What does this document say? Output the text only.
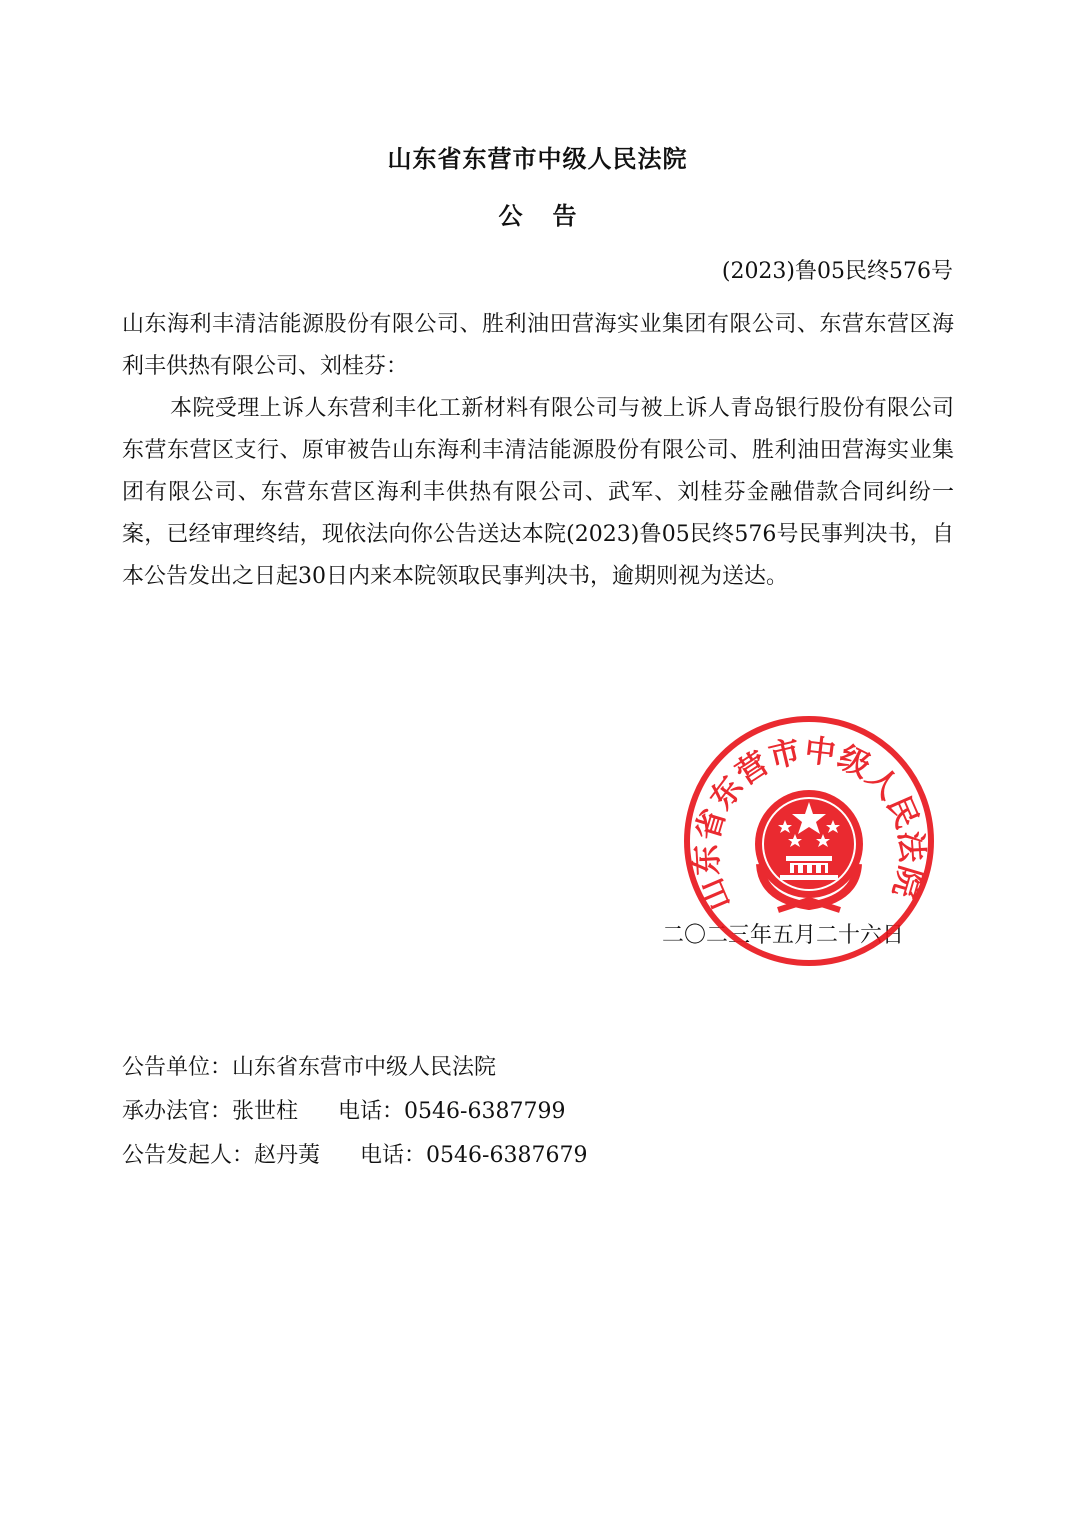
山东省东营市中级人民法院
公告
(2023)鲁05民终576号
山东海利丰清洁能源股份有限公司、胜利油田营海实业集团有限公司、东营东营区海利丰供热有限公司、刘桂芬：
本院受理上诉人东营利丰化工新材料有限公司与被上诉人青岛银行股份有限公司东营东营区支行、原审被告山东海利丰清洁能源股份有限公司、胜利油田营海实业集团有限公司、东营东营区海利丰供热有限公司、武军、刘桂芬金融借款合同纠纷一案，已经审理终结，现依法向你公告送达本院(2023)鲁05民终576号民事判决书，自本公告发出之日起30日内来本院领取民事判决书，逾期则视为送达。
二〇二三年五月二十六日
山东省东营市中级人民法院
公告单位：山东省东营市中级人民法院
承办法官：张世柱 电话：0546-6387799
公告发起人：赵丹荑 电话：0546-6387679
